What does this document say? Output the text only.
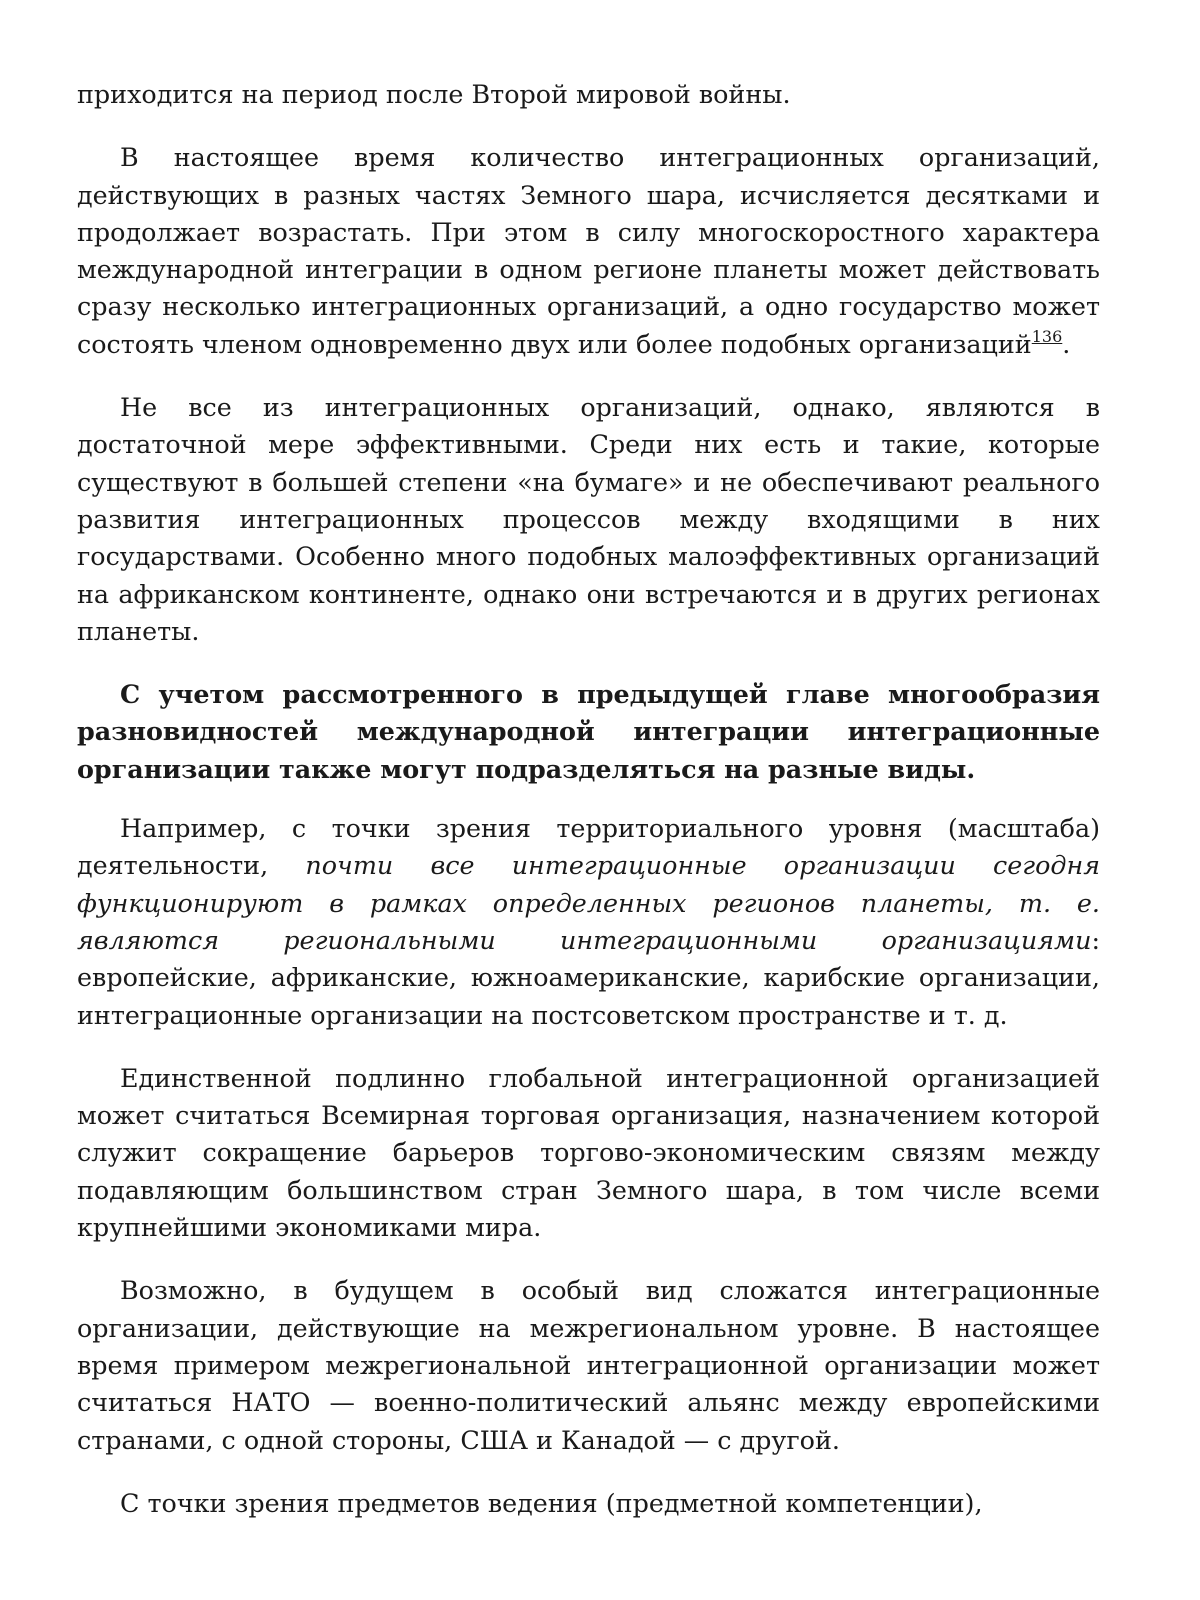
приходится на период после Второй мировой войны.

В настоящее время количество интеграционных организаций, действующих в разных частях Земного шара, исчисляется десятками и продолжает возрастать. При этом в силу многоскоростного характера международной интеграции в одном регионе планеты может действовать сразу несколько интеграционных организаций, а одно государство может состоять членом одновременно двух или более подобных организаций$^{136}$.

Не все из интеграционных организаций, однако, являются в достаточной мере эффективными. Среди них есть и такие, которые существуют в большей степени «на бумаге» и не обеспечивают реального развития интеграционных процессов между входящими в них государствами. Особенно много подобных малоэффективных организаций на африканском континенте, однако они встречаются и в других регионах планеты.

С учетом рассмотренного в предыдущей главе многообразия разновидностей международной интеграции интеграционные организации также могут подразделяться на разные виды.

Например, с точки зрения территориального уровня (масштаба) деятельности, почти все интеграционные организации сегодня функционируют в рамках определенных регионов планеты, т. е. являются региональными интеграционными организациями: европейские, африканские, южноамериканские, карибские организации, интеграционные организации на постсоветском пространстве и т. д.

Единственной подлинно глобальной интеграционной организацией может считаться Всемирная торговая организация, назначением которой служит сокращение барьеров торгово-экономическим связям между подавляющим большинством стран Земного шара, в том числе всеми крупнейшими экономиками мира.

Возможно, в будущем в особый вид сложатся интеграционные организации, действующие на межрегиональном уровне. В настоящее время примером межрегиональной интеграционной организации может считаться НАТО — военно-политический альянс между европейскими странами, с одной стороны, США и Канадой — с другой.

С точки зрения предметов ведения (предметной компетенции),
